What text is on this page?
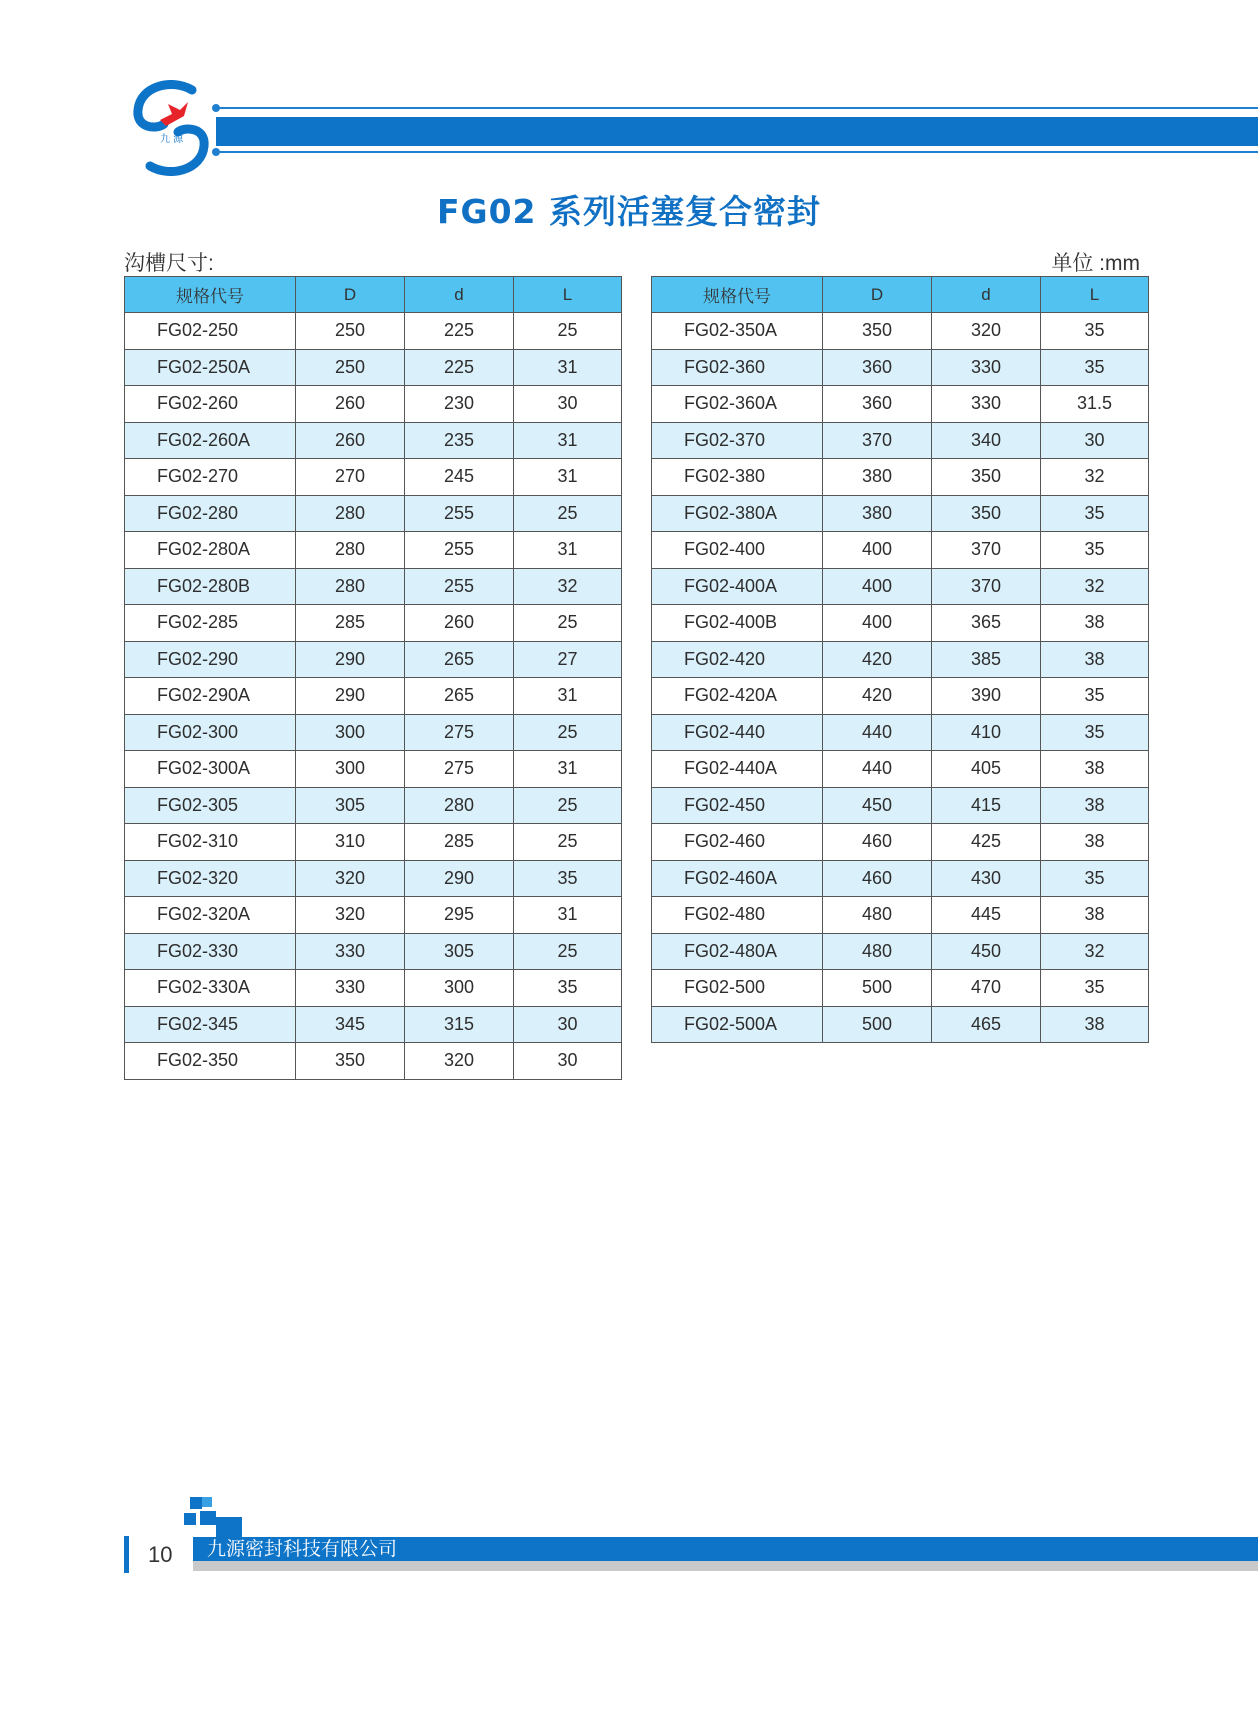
九 源
FG02 系列活塞复合密封
沟槽尺寸:	单位 :mm
规格代号	D	d	L
FG02-250	250	225	25
FG02-250A	250	225	31
FG02-260	260	230	30
FG02-260A	260	235	31
FG02-270	270	245	31
FG02-280	280	255	25
FG02-280A	280	255	31
FG02-280B	280	255	32
FG02-285	285	260	25
FG02-290	290	265	27
FG02-290A	290	265	31
FG02-300	300	275	25
FG02-300A	300	275	31
FG02-305	305	280	25
FG02-310	310	285	25
FG02-320	320	290	35
FG02-320A	320	295	31
FG02-330	330	305	25
FG02-330A	330	300	35
FG02-345	345	315	30
FG02-350	350	320	30
规格代号	D	d	L
FG02-350A	350	320	35
FG02-360	360	330	35
FG02-360A	360	330	31.5
FG02-370	370	340	30
FG02-380	380	350	32
FG02-380A	380	350	35
FG02-400	400	370	35
FG02-400A	400	370	32
FG02-400B	400	365	38
FG02-420	420	385	38
FG02-420A	420	390	35
FG02-440	440	410	35
FG02-440A	440	405	38
FG02-450	450	415	38
FG02-460	460	425	38
FG02-460A	460	430	35
FG02-480	480	445	38
FG02-480A	480	450	32
FG02-500	500	470	35
FG02-500A	500	465	38
九源密封科技有限公司
10
